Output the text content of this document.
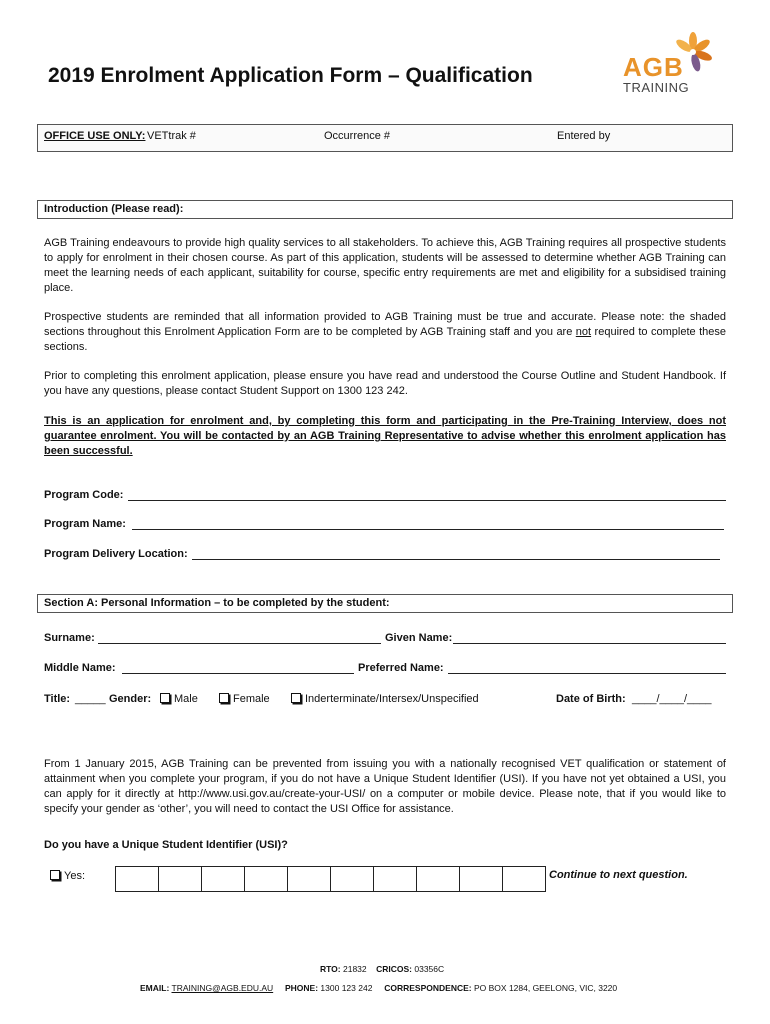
2019 Enrolment Application Form – Qualification	AGB
TRAINING
OFFICE USE ONLY: VETtrak #	Occurrence #	Entered by
Introduction (Please read):
AGB Training endeavours to provide high quality services to all stakeholders. To achieve this, AGB Training requires all prospective students to apply for enrolment in their chosen course. As part of this application, students will be assessed to determine whether AGB Training can meet the learning needs of each applicant, suitability for course, specific entry requirements are met and eligibility for a subsidised training place.
Prospective students are reminded that all information provided to AGB Training must be true and accurate. Please note: the shaded sections throughout this Enrolment Application Form are to be completed by AGB Training staff and you are not required to complete these sections.
Prior to completing this enrolment application, please ensure you have read and understood the Course Outline and Student Handbook. If you have any questions, please contact Student Support on 1300 123 242.
This is an application for enrolment and, by completing this form and participating in the Pre-Training Interview, does not guarantee enrolment. You will be contacted by an AGB Training Representative to advise whether this enrolment application has been successful.
Program Code:
Program Name:
Program Delivery Location:
Section A: Personal Information – to be completed by the student:
Surname:	Given Name:
Middle Name:	Preferred Name:
Title: _____ Gender:	Male	Female	Inderterminate/Intersex/Unspecified	Date of Birth: ____/____/____
From 1 January 2015, AGB Training can be prevented from issuing you with a nationally recognised VET qualification or statement of attainment when you complete your program, if you do not have a Unique Student Identifier (USI). If you have not yet obtained a USI, you can apply for it directly at http://www.usi.gov.au/create-your-USI/ on a computer or mobile device. Please note, that if you would like to specify your gender as ‘other’, you will need to contact the USI Office for assistance.
Do you have a Unique Student Identifier (USI)?
Yes:	Continue to next question.
RTO: 21832 CRICOS: 03356C
EMAIL: TRAINING@AGB.EDU.AU PHONE: 1300 123 242 CORRESPONDENCE: PO BOX 1284, GEELONG, VIC, 3220
